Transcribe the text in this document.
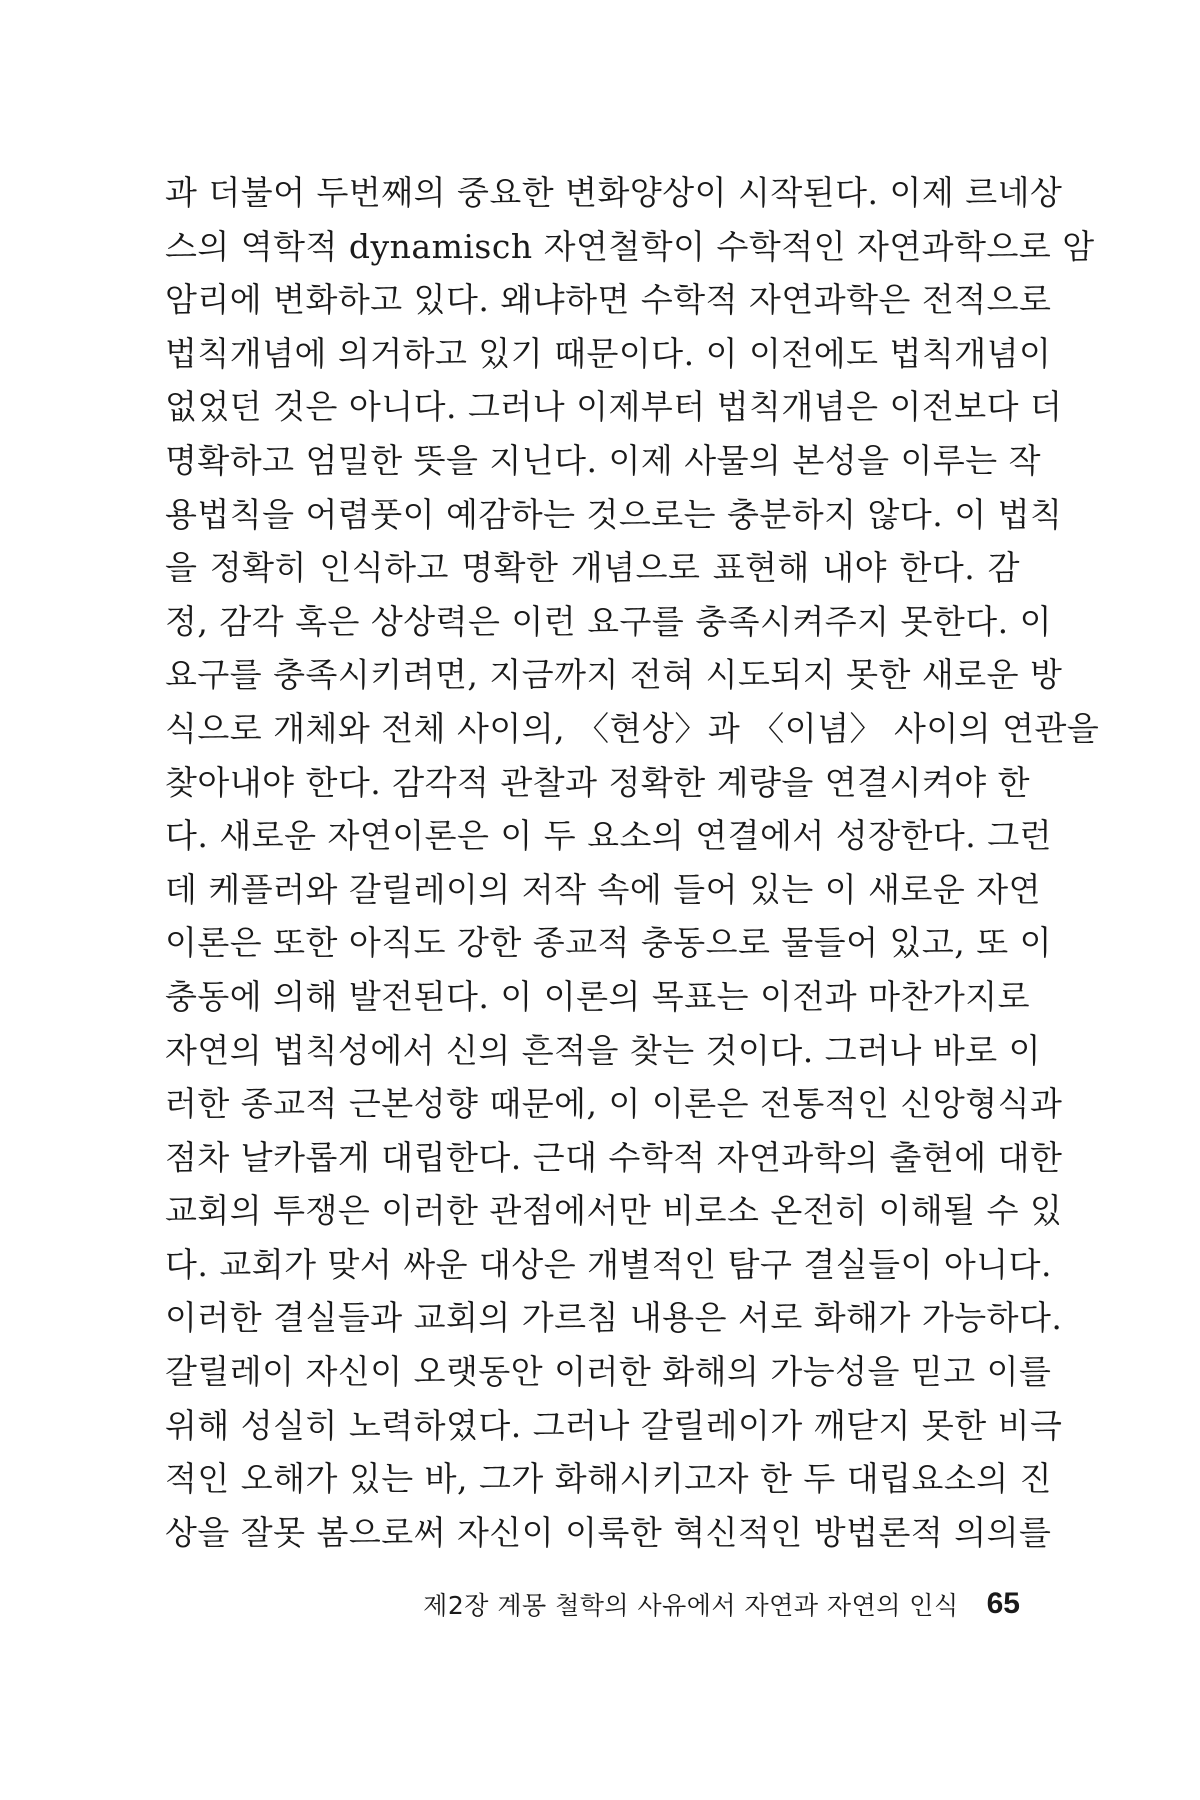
과 더불어 두번째의 중요한 변화양상이 시작된다. 이제 르네상
스의 역학적 dynamisch 자연철학이 수학적인 자연과학으로 암
암리에 변화하고 있다. 왜냐하면 수학적 자연과학은 전적으로
법칙개념에 의거하고 있기 때문이다. 이 이전에도 법칙개념이
없었던 것은 아니다. 그러나 이제부터 법칙개념은 이전보다 더
명확하고 엄밀한 뜻을 지닌다. 이제 사물의 본성을 이루는 작
용법칙을 어렴풋이 예감하는 것으로는 충분하지 않다. 이 법칙
을 정확히 인식하고 명확한 개념으로 표현해 내야 한다. 감
정, 감각 혹은 상상력은 이런 요구를 충족시켜주지 못한다. 이
요구를 충족시키려면, 지금까지 전혀 시도되지 못한 새로운 방
식으로 개체와 전체 사이의, 〈현상〉과 〈이념〉 사이의 연관을
찾아내야 한다. 감각적 관찰과 정확한 계량을 연결시켜야 한
다. 새로운 자연이론은 이 두 요소의 연결에서 성장한다. 그런
데 케플러와 갈릴레이의 저작 속에 들어 있는 이 새로운 자연
이론은 또한 아직도 강한 종교적 충동으로 물들어 있고, 또 이
충동에 의해 발전된다. 이 이론의 목표는 이전과 마찬가지로
자연의 법칙성에서 신의 흔적을 찾는 것이다. 그러나 바로 이
러한 종교적 근본성향 때문에, 이 이론은 전통적인 신앙형식과
점차 날카롭게 대립한다. 근대 수학적 자연과학의 출현에 대한
교회의 투쟁은 이러한 관점에서만 비로소 온전히 이해될 수 있
다. 교회가 맞서 싸운 대상은 개별적인 탐구 결실들이 아니다.
이러한 결실들과 교회의 가르침 내용은 서로 화해가 가능하다.
갈릴레이 자신이 오랫동안 이러한 화해의 가능성을 믿고 이를
위해 성실히 노력하였다. 그러나 갈릴레이가 깨닫지 못한 비극
적인 오해가 있는 바, 그가 화해시키고자 한 두 대립요소의 진
상을 잘못 봄으로써 자신이 이룩한 혁신적인 방법론적 의의를
제2장 계몽 철학의 사유에서 자연과 자연의 인식 65
